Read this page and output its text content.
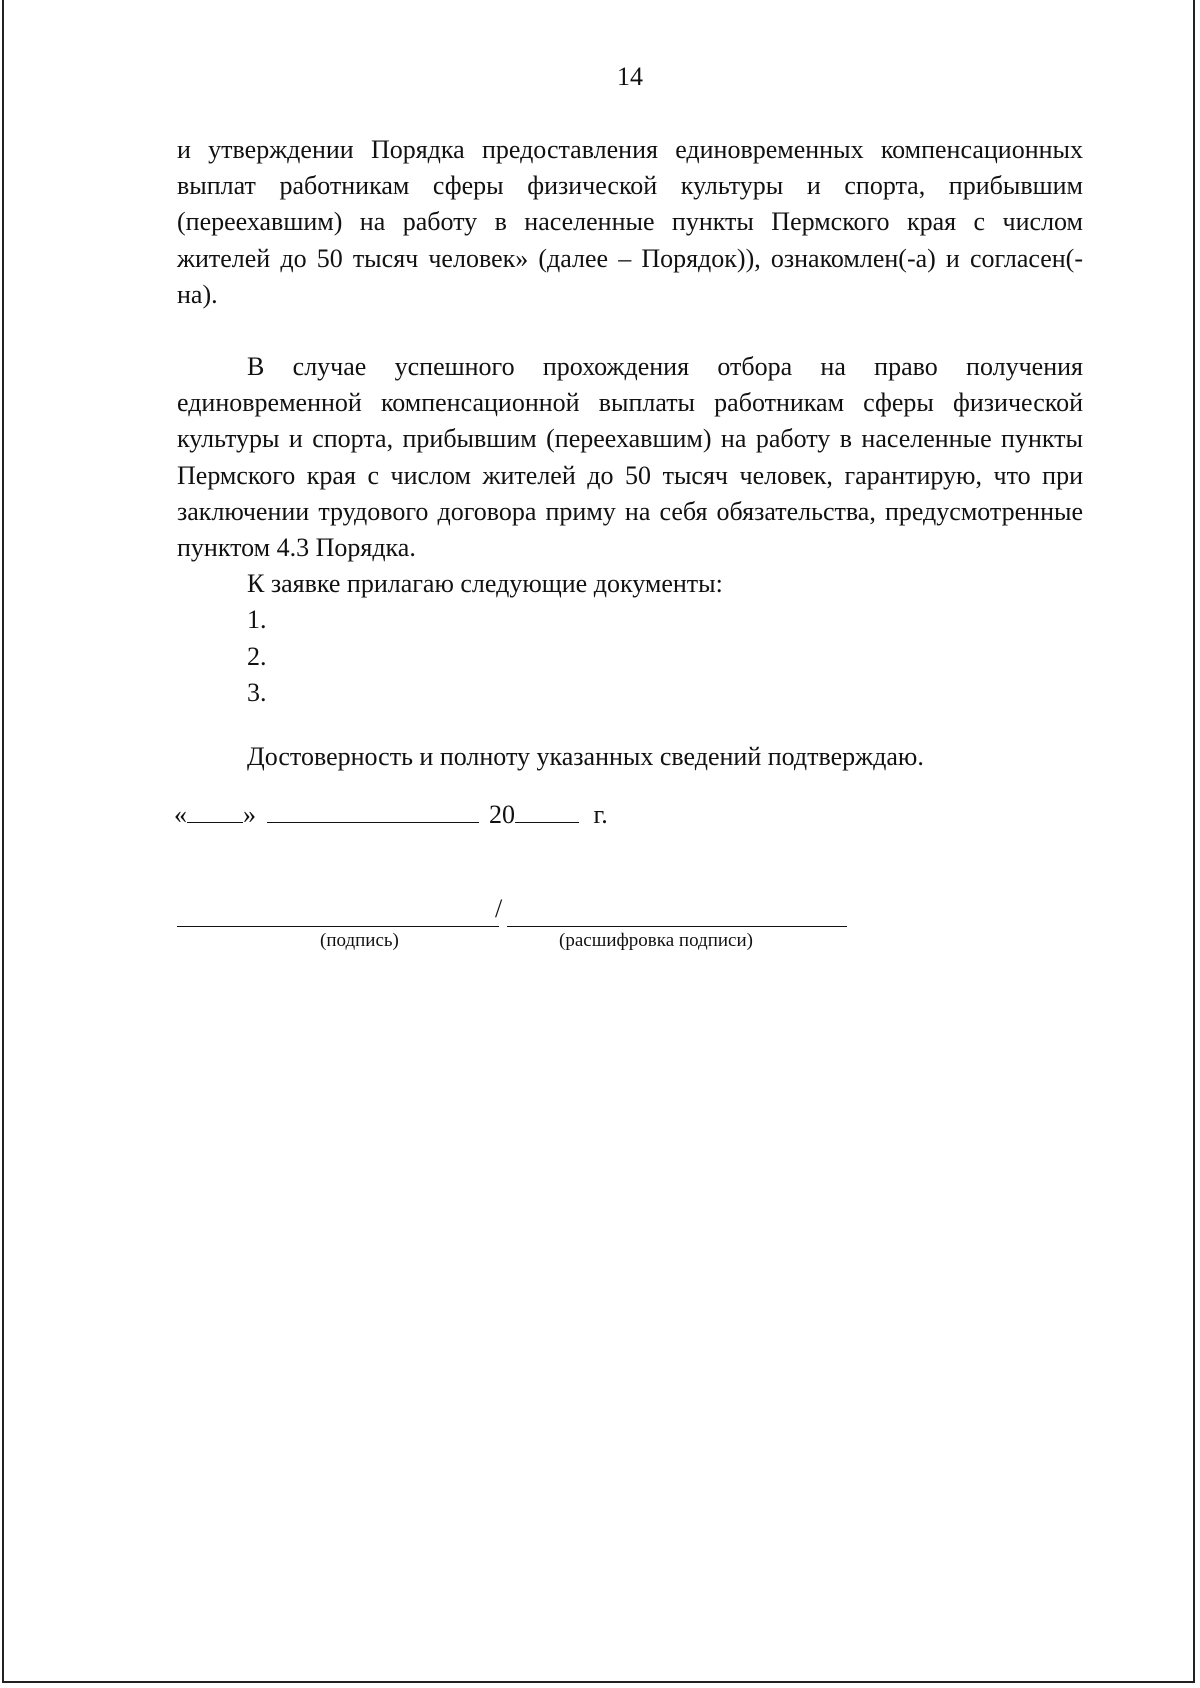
14

и утверждении Порядка предоставления единовременных компенсационных выплат работникам сферы физической культуры и спорта, прибывшим (переехавшим) на работу в населенные пункты Пермского края с числом жителей до 50 тысяч человек» (далее – Порядок)), ознакомлен(-а) и согласен(-на).

В случае успешного прохождения отбора на право получения единовременной компенсационной выплаты работникам сферы физической культуры и спорта, прибывшим (переехавшим) на работу в населенные пункты Пермского края с числом жителей до 50 тысяч человек, гарантирую, что при заключении трудового договора приму на себя обязательства, предусмотренные пунктом 4.3 Порядка.

К заявке прилагаю следующие документы:

1.
2.
3.

Достоверность и полноту указанных сведений подтверждаю.

« »	20	г.
/
(подпись)	(расшифровка подписи)
